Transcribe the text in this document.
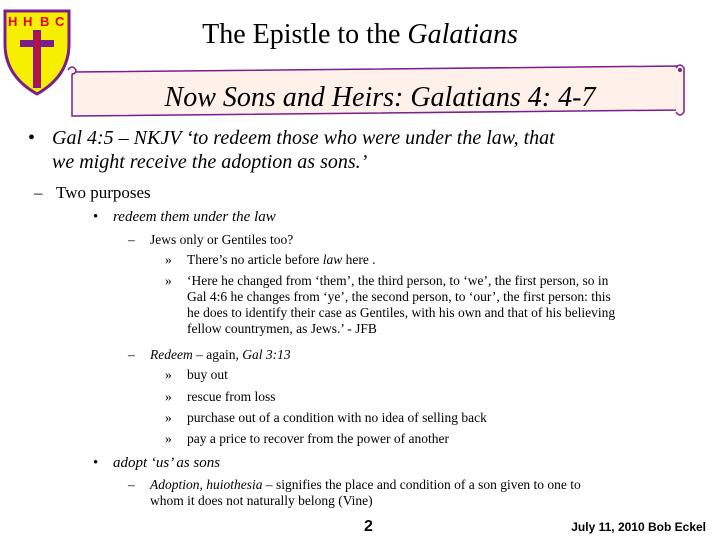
H H B C	The Epistle to the Galatians
Now Sons and Heirs: Galatians 4: 4-7
• Gal 4:5 – NKJV ‘to redeem those who were under the law, that
we might receive the adoption as sons.’
– Two purposes
• redeem them under the law
– Jews only or Gentiles too?
» There’s no article before law here .
» ‘Here he changed from ‘them’, the third person, to ‘we’, the first person, so in
Gal 4:6 he changes from ‘ye’, the second person, to ‘our’, the first person: this
he does to identify their case as Gentiles, with his own and that of his believing
fellow countrymen, as Jews.’ - JFB
– Redeem – again, Gal 3:13
» buy out
» rescue from loss
» purchase out of a condition with no idea of selling back
» pay a price to recover from the power of another
• adopt ‘us’ as sons
– Adoption, huiothesia – signifies the place and condition of a son given to one to
whom it does not naturally belong (Vine)
2	July 11, 2010 Bob Eckel
